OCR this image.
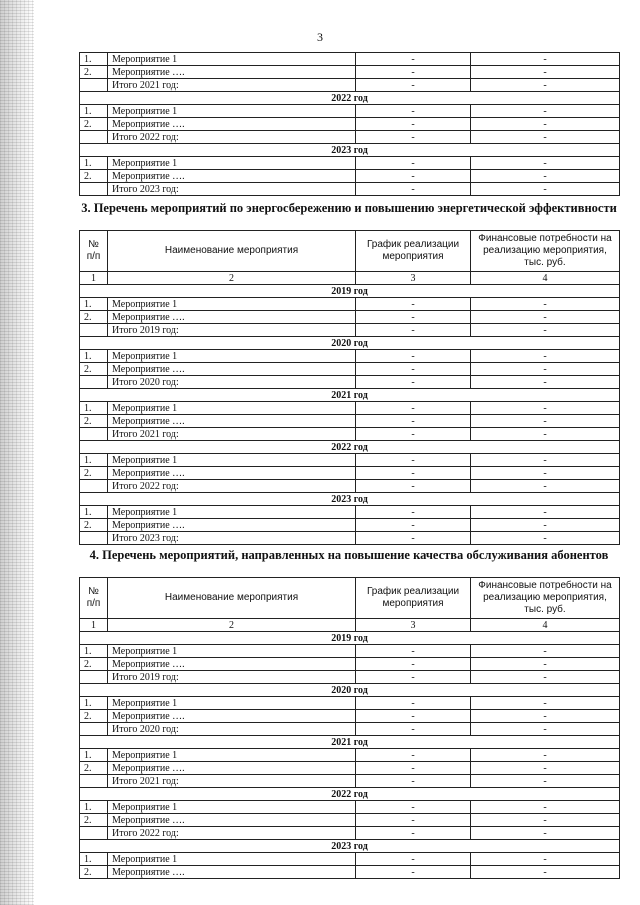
3
1.	Мероприятие 1	-	-
2.	Мероприятие ….	-	-
	Итого 2021 год:	-	-
2022 год			
1.	Мероприятие 1	-	-
2.	Мероприятие ….	-	-
	Итого 2022 год:	-	-
2023 год			
1.	Мероприятие 1	-	-
2.	Мероприятие ….	-	-
	Итого 2023 год:	-	-
3. Перечень мероприятий по энергосбережению и повышению энергетической эффективности
№
п/п	Наименование мероприятия	График реализации мероприятия	Финансовые потребности на реализацию мероприятия, тыс. руб.
1	2	3	4
2019 год			
1.	Мероприятие 1	-	-
2.	Мероприятие ….	-	-
	Итого 2019 год:	-	-
2020 год			
1.	Мероприятие 1	-	-
2.	Мероприятие ….	-	-
	Итого 2020 год:	-	-
2021 год			
1.	Мероприятие 1	-	-
2.	Мероприятие ….	-	-
	Итого 2021 год:	-	-
2022 год			
1.	Мероприятие 1	-	-
2.	Мероприятие ….	-	-
	Итого 2022 год:	-	-
2023 год			
1.	Мероприятие 1	-	-
2.	Мероприятие ….	-	-
	Итого 2023 год:	-	-
4. Перечень мероприятий, направленных на повышение качества обслуживания абонентов
№
п/п	Наименование мероприятия	График реализации мероприятия	Финансовые потребности на реализацию мероприятия, тыс. руб.
1	2	3	4
2019 год			
1.	Мероприятие 1	-	-
2.	Мероприятие ….	-	-
	Итого 2019 год:	-	-
2020 год			
1.	Мероприятие 1	-	-
2.	Мероприятие ….	-	-
	Итого 2020 год:	-	-
2021 год			
1.	Мероприятие 1	-	-
2.	Мероприятие ….	-	-
	Итого 2021 год:	-	-
2022 год			
1.	Мероприятие 1	-	-
2.	Мероприятие ….	-	-
	Итого 2022 год:	-	-
2023 год			
1.	Мероприятие 1	-	-
2.	Мероприятие ….	-	-
